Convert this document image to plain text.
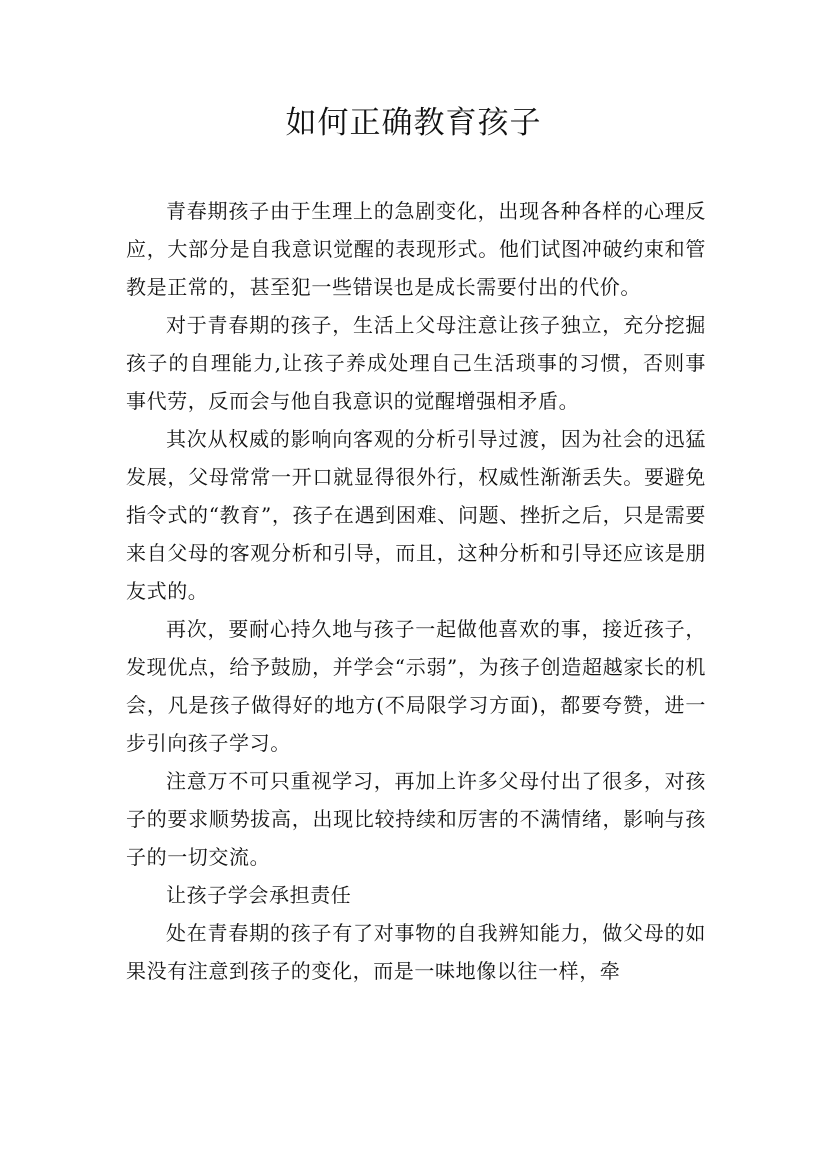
如何正确教育孩子

青春期孩子由于生理上的急剧变化，出现各种各样的心理反应，大部分是自我意识觉醒的表现形式。他们试图冲破约束和管教是正常的，甚至犯一些错误也是成长需要付出的代价。

对于青春期的孩子，生活上父母注意让孩子独立，充分挖掘孩子的自理能力,让孩子养成处理自己生活琐事的习惯，否则事事代劳，反而会与他自我意识的觉醒增强相矛盾。

其次从权威的影响向客观的分析引导过渡，因为社会的迅猛发展，父母常常一开口就显得很外行，权威性渐渐丢失。要避免指令式的“教育”，孩子在遇到困难、问题、挫折之后，只是需要来自父母的客观分析和引导，而且，这种分析和引导还应该是朋友式的。

再次，要耐心持久地与孩子一起做他喜欢的事，接近孩子，发现优点，给予鼓励，并学会“示弱”，为孩子创造超越家长的机会，凡是孩子做得好的地方(不局限学习方面)，都要夸赞，进一步引向孩子学习。

注意万不可只重视学习，再加上许多父母付出了很多，对孩子的要求顺势拔高，出现比较持续和厉害的不满情绪，影响与孩子的一切交流。

让孩子学会承担责任

处在青春期的孩子有了对事物的自我辨知能力，做父母的如果没有注意到孩子的变化，而是一味地像以往一样，牵
